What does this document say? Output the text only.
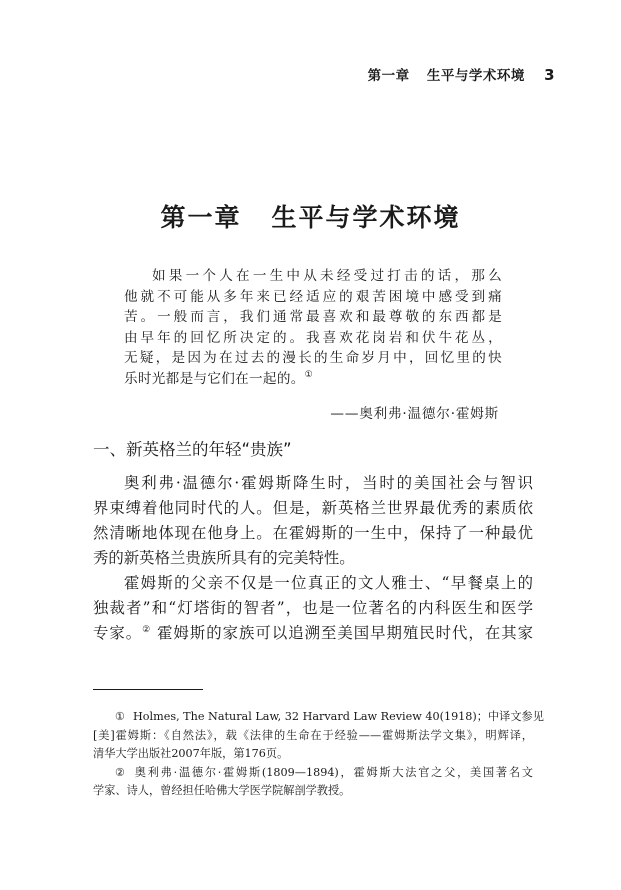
第一章 生平与学术环境 3
第一章 生平与学术环境
如果一个人在一生中从未经受过打击的话，那么
他就不可能从多年来已经适应的艰苦困境中感受到痛
苦。一般而言，我们通常最喜欢和最尊敬的东西都是
由早年的回忆所决定的。我喜欢花岗岩和伏牛花丛，
无疑，是因为在过去的漫长的生命岁月中，回忆里的快
乐时光都是与它们在一起的。①
——奥利弗·温德尔·霍姆斯
一、新英格兰的年轻“贵族”
奥利弗·温德尔·霍姆斯降生时，当时的美国社会与智识
界束缚着他同时代的人。但是，新英格兰世界最优秀的素质依
然清晰地体现在他身上。在霍姆斯的一生中，保持了一种最优
秀的新英格兰贵族所具有的完美特性。
霍姆斯的父亲不仅是一位真正的文人雅士、“早餐桌上的
独裁者”和“灯塔街的智者”，也是一位著名的内科医生和医学
专家。② 霍姆斯的家族可以追溯至美国早期殖民时代，在其家
① Holmes, The Natural Law, 32 Harvard Law Review 40(1918)；中译文参见
[美]霍姆斯：《自然法》，载《法律的生命在于经验——霍姆斯法学文集》，明辉译，
清华大学出版社2007年版，第176页。
② 奥利弗·温德尔·霍姆斯(1809—1894)，霍姆斯大法官之父，美国著名文
学家、诗人，曾经担任哈佛大学医学院解剖学教授。
